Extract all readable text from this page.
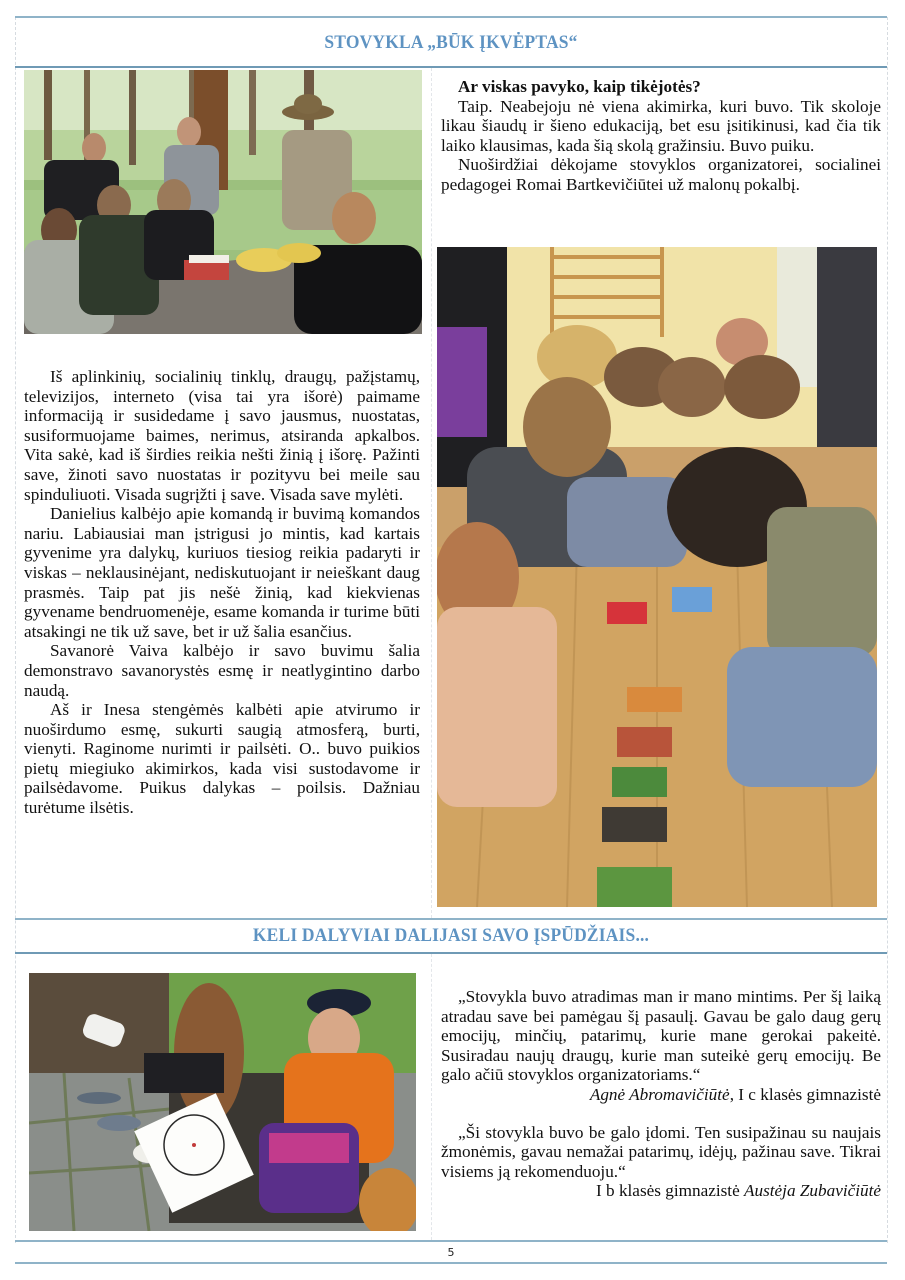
STOVYKLA „BŪK ĮKVĖPTAS“

Ar viskas pavyko, kaip tikėjotės?

Taip. Neabejoju nė viena akimirka, kuri buvo. Tik skoloje likau šiaudų ir šieno edukaciją, bet esu įsitikinusi, kad čia tik laiko klausimas, kada šią skolą gražinsiu. Buvo puiku.

Nuoširdžiai dėkojame stovyklos organizatorei, socialinei pedagogei Romai Bartkevičiūtei už malonų pokalbį.

Iš aplinkinių, socialinių tinklų, draugų, pažįstamų, televizijos, interneto (visa tai yra išorė) paimame informaciją ir susidedame į savo jausmus, nuostatas, susiformuojame baimes, nerimus, atsiranda apkalbos. Vita sakė, kad iš širdies reikia nešti žinią į išorę. Pažinti save, žinoti savo nuostatas ir pozityvu bei meile sau spinduliuoti. Visada sugrįžti į save. Visada save mylėti.

Danielius kalbėjo apie komandą ir buvimą komandos nariu. Labiausiai man įstrigusi jo mintis, kad kartais gyvenime yra dalykų, kuriuos tiesiog reikia padaryti ir viskas – neklausinėjant, nediskutuojant ir neieškant daug prasmės. Taip pat jis nešė žinią, kad kiekvienas gyvename bendruomenėje, esame komanda ir turime būti atsakingi ne tik už save, bet ir už šalia esančius.

Savanorė Vaiva kalbėjo ir savo buvimu šalia demonstravo savanorystės esmę ir neatlygintino darbo naudą.

Aš ir Inesa stengėmės kalbėti apie atvirumo ir nuoširdumo esmę, sukurti saugią atmosferą, burti, vienyti. Raginome nurimti ir pailsėti. O.. buvo puikios pietų miegiuko akimirkos, kada visi sustodavome ir pailsėdavome. Puikus dalykas – poilsis. Dažniau turėtume ilsėtis.

KELI DALYVIAI DALIJASI SAVO ĮSPŪDŽIAIS...

„Stovykla buvo atradimas man ir mano mintims. Per šį laiką atradau save bei pamėgau šį pasaulį. Gavau be galo daug gerų emocijų, minčių, patarimų, kurie mane gerokai pakeitė. Susiradau naujų draugų, kurie man suteikė gerų emocijų. Be galo ačiū stovyklos organizatoriams.“

Agnė Abromavičiūtė, I c klasės gimnazistė

„Ši stovykla buvo be galo įdomi. Ten susipažinau su naujais žmonėmis, gavau nemažai patarimų, idėjų, pažinau save. Tikrai visiems ją rekomenduoju.“

I b klasės gimnazistė Austėja Zubavičiūtė

5
